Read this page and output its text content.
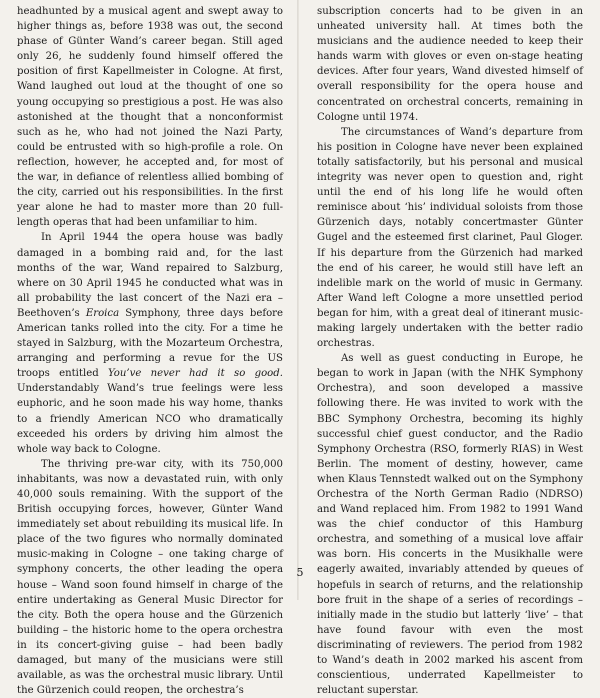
headhunted by a musical agent and swept away to higher things as, before 1938 was out, the second phase of Günter Wand’s career began. Still aged only 26, he suddenly found himself offered the position of first Kapellmeister in Cologne. At first, Wand laughed out loud at the thought of one so young occupying so prestigious a post. He was also astonished at the thought that a nonconformist such as he, who had not joined the Nazi Party, could be entrusted with so high-profile a role. On reflection, however, he accepted and, for most of the war, in defiance of relentless allied bombing of the city, carried out his responsibilities. In the first year alone he had to master more than 20 full-length operas that had been unfamiliar to him.

In April 1944 the opera house was badly damaged in a bombing raid and, for the last months of the war, Wand repaired to Salzburg, where on 30 April 1945 he conducted what was in all probability the last concert of the Nazi era – Beethoven’s Eroica Symphony, three days before American tanks rolled into the city. For a time he stayed in Salzburg, with the Mozarteum Orchestra, arranging and performing a revue for the US troops entitled You’ve never had it so good. Understandably Wand’s true feelings were less euphoric, and he soon made his way home, thanks to a friendly American NCO who dramatically exceeded his orders by driving him almost the whole way back to Cologne.

The thriving pre-war city, with its 750,000 inhabitants, was now a devastated ruin, with only 40,000 souls remaining. With the support of the British occupying forces, however, Günter Wand immediately set about rebuilding its musical life. In place of the two figures who normally dominated music-making in Cologne – one taking charge of symphony concerts, the other leading the opera house – Wand soon found himself in charge of the entire undertaking as General Music Director for the city. Both the opera house and the Gürzenich building – the historic home to the opera orchestra in its concert-giving guise – had been badly damaged, but many of the musicians were still available, as was the orchestral music library. Until the Gürzenich could reopen, the orchestra’s

subscription concerts had to be given in an unheated university hall. At times both the musicians and the audience needed to keep their hands warm with gloves or even on-stage heating devices. After four years, Wand divested himself of overall responsibility for the opera house and concentrated on orchestral concerts, remaining in Cologne until 1974.

The circumstances of Wand’s departure from his position in Cologne have never been explained totally satisfactorily, but his personal and musical integrity was never open to question and, right until the end of his long life he would often reminisce about ‘his’ individual soloists from those Gürzenich days, notably concertmaster Günter Gugel and the esteemed first clarinet, Paul Gloger. If his departure from the Gürzenich had marked the end of his career, he would still have left an indelible mark on the world of music in Germany. After Wand left Cologne a more unsettled period began for him, with a great deal of itinerant music-making largely undertaken with the better radio orchestras.

As well as guest conducting in Europe, he began to work in Japan (with the NHK Symphony Orchestra), and soon developed a massive following there. He was invited to work with the BBC Symphony Orchestra, becoming its highly successful chief guest conductor, and the Radio Symphony Orchestra (RSO, formerly RIAS) in West Berlin. The moment of destiny, however, came when Klaus Tennstedt walked out on the Symphony Orchestra of the North German Radio (NDRSO) and Wand replaced him. From 1982 to 1991 Wand was the chief conductor of this Hamburg orchestra, and something of a musical love affair was born. His concerts in the Musikhalle were eagerly awaited, invariably attended by queues of hopefuls in search of returns, and the relationship bore fruit in the shape of a series of recordings – initially made in the studio but latterly ‘live’ – that have found favour with even the most discriminating of reviewers. The period from 1982 to Wand’s death in 2002 marked his ascent from conscientious, underrated Kapellmeister to reluctant superstar.

5
